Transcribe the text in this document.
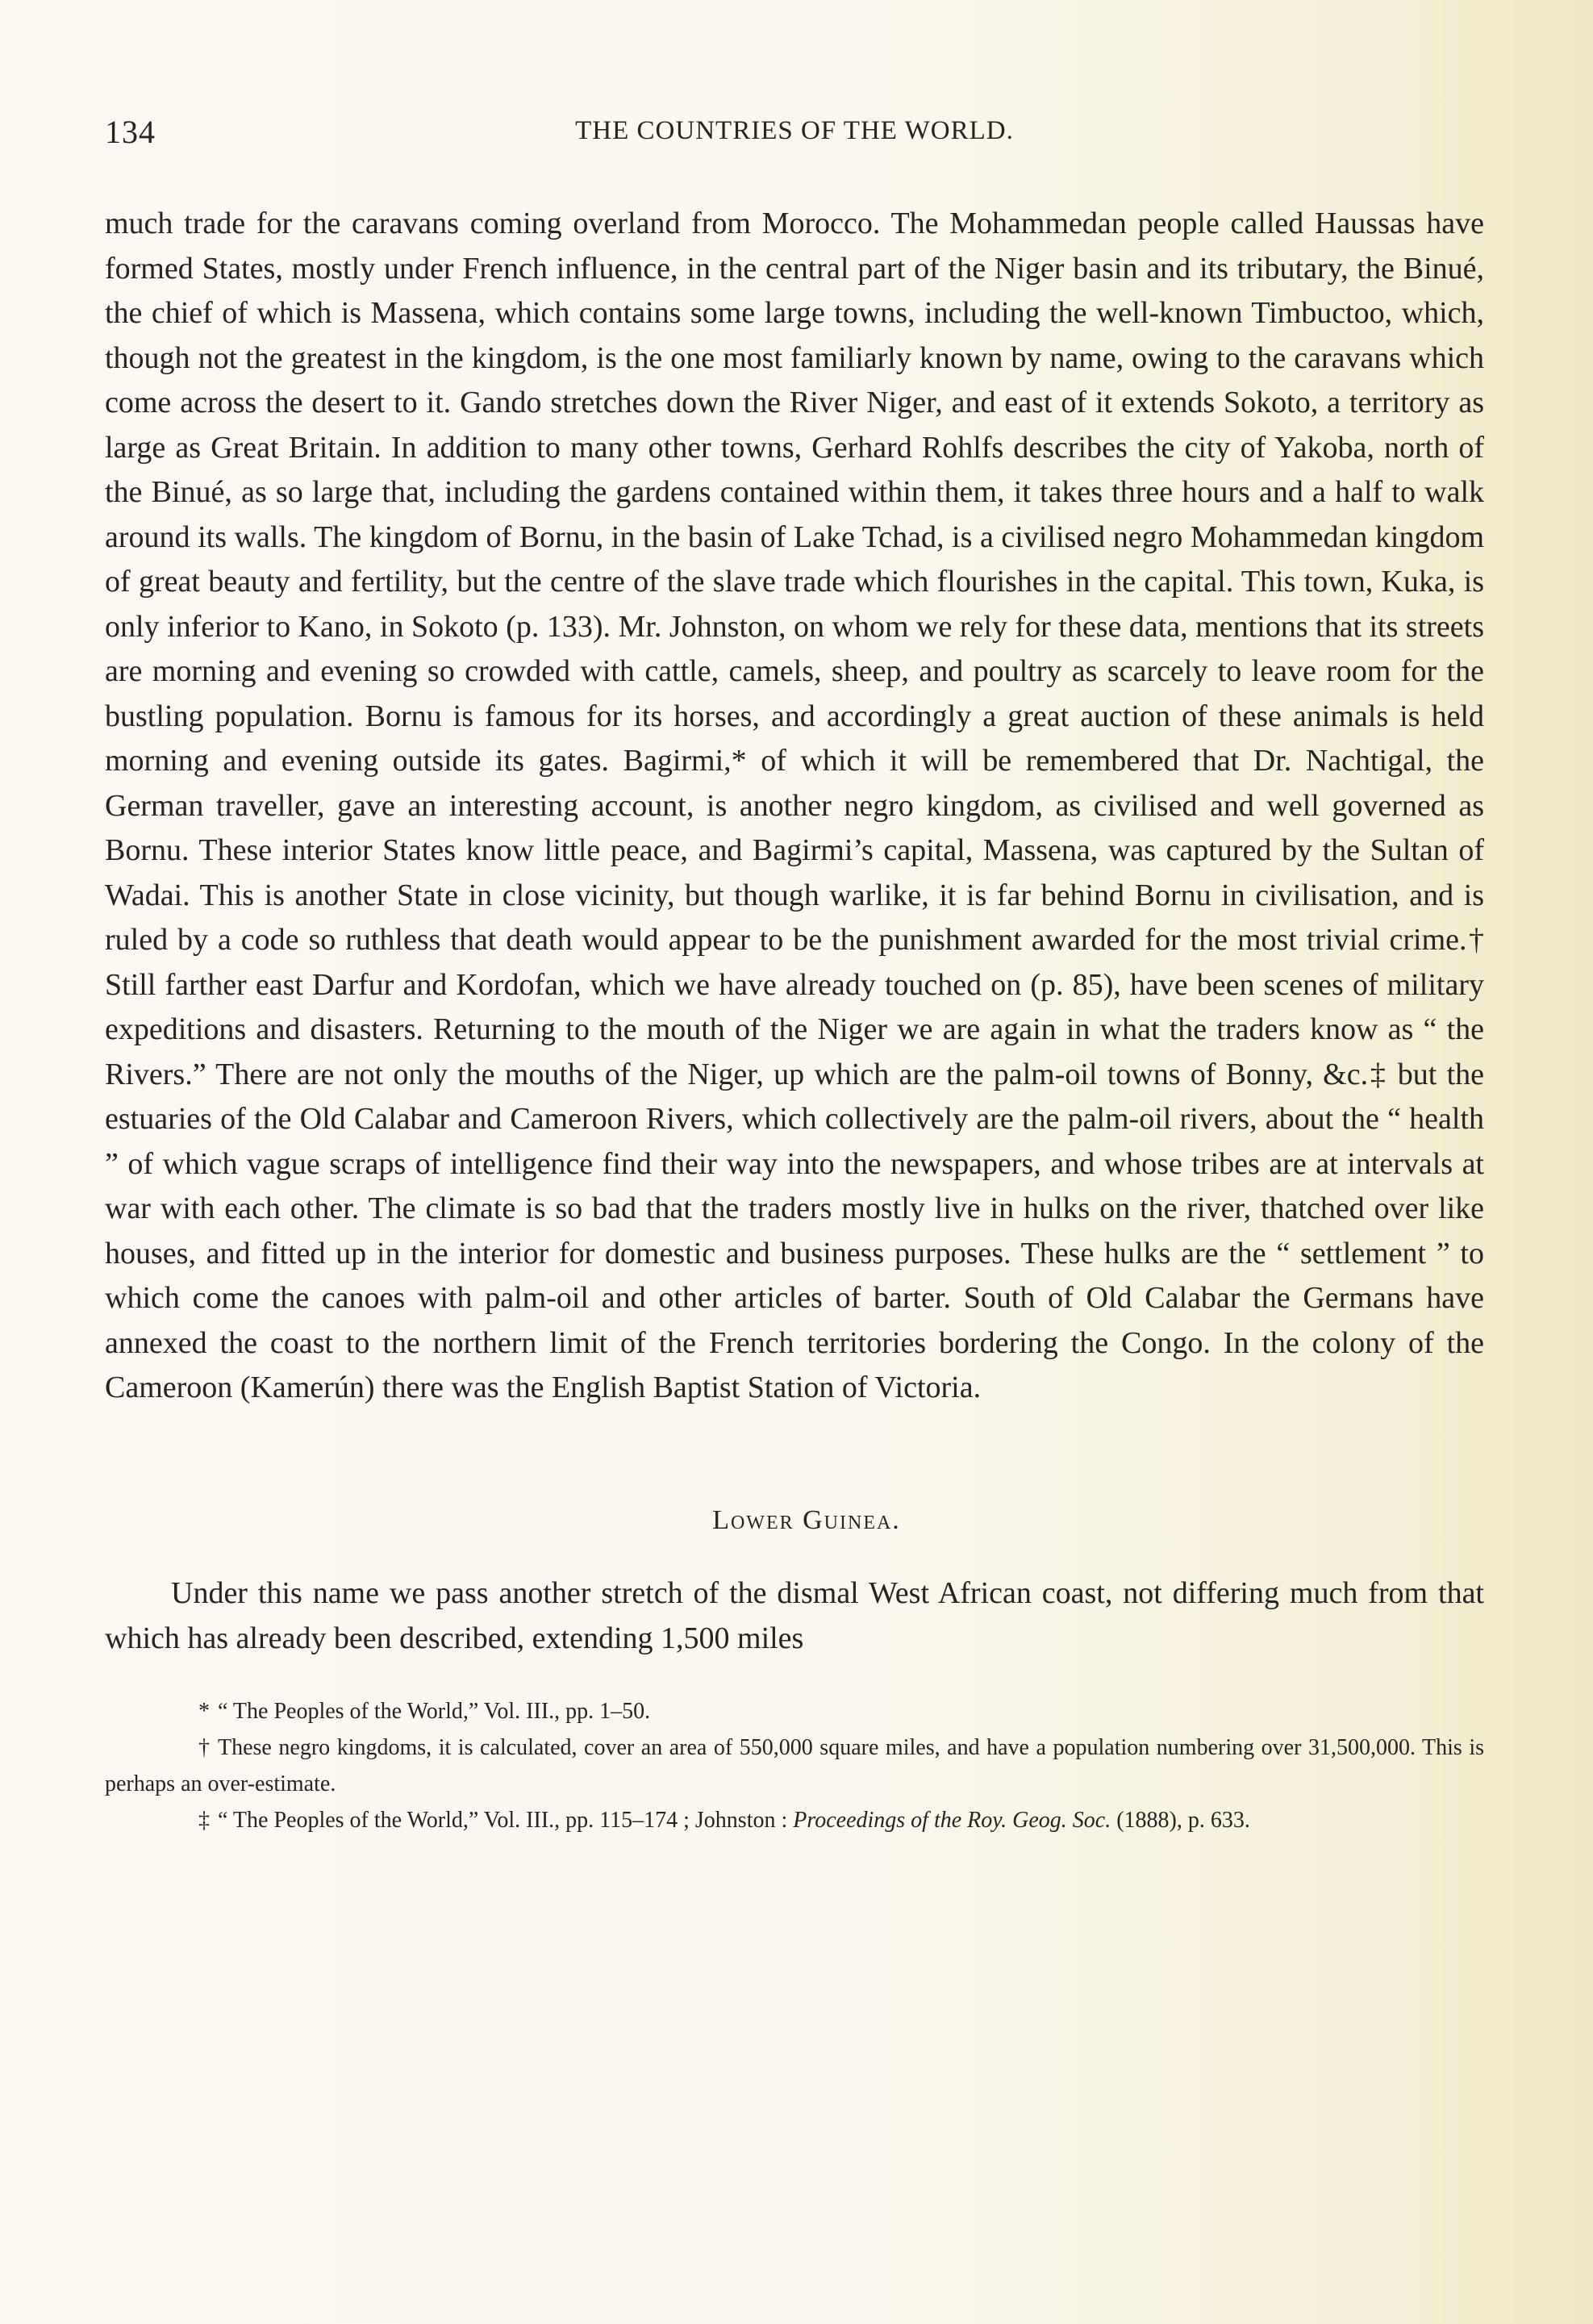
134	THE COUNTRIES OF THE WORLD.

much trade for the caravans coming overland from Morocco. The Mohammedan people called Haussas have formed States, mostly under French influence, in the central part of the Niger basin and its tributary, the Binué, the chief of which is Massena, which contains some large towns, including the well-known Timbuctoo, which, though not the greatest in the kingdom, is the one most familiarly known by name, owing to the caravans which come across the desert to it. Gando stretches down the River Niger, and east of it extends Sokoto, a territory as large as Great Britain. In addition to many other towns, Gerhard Rohlfs describes the city of Yakoba, north of the Binué, as so large that, including the gardens contained within them, it takes three hours and a half to walk around its walls. The kingdom of Bornu, in the basin of Lake Tchad, is a civilised negro Mohammedan kingdom of great beauty and fertility, but the centre of the slave trade which flourishes in the capital. This town, Kuka, is only inferior to Kano, in Sokoto (p. 133). Mr. Johnston, on whom we rely for these data, mentions that its streets are morning and evening so crowded with cattle, camels, sheep, and poultry as scarcely to leave room for the bustling population. Bornu is famous for its horses, and accordingly a great auction of these animals is held morning and evening outside its gates. Bagirmi,* of which it will be remembered that Dr. Nachtigal, the German traveller, gave an interesting account, is another negro kingdom, as civilised and well governed as Bornu. These interior States know little peace, and Bagirmi’s capital, Massena, was captured by the Sultan of Wadai. This is another State in close vicinity, but though warlike, it is far behind Bornu in civilisation, and is ruled by a code so ruthless that death would appear to be the punishment awarded for the most trivial crime.† Still farther east Darfur and Kordofan, which we have already touched on (p. 85), have been scenes of military expeditions and disasters. Returning to the mouth of the Niger we are again in what the traders know as “ the Rivers.” There are not only the mouths of the Niger, up which are the palm-oil towns of Bonny, &c.‡ but the estuaries of the Old Calabar and Cameroon Rivers, which collectively are the palm-oil rivers, about the “ health ” of which vague scraps of intelligence find their way into the newspapers, and whose tribes are at intervals at war with each other. The climate is so bad that the traders mostly live in hulks on the river, thatched over like houses, and fitted up in the interior for domestic and business purposes. These hulks are the “ settlement ” to which come the canoes with palm-oil and other articles of barter. South of Old Calabar the Germans have annexed the coast to the northern limit of the French territories bordering the Congo. In the colony of the Cameroon (Kamerún) there was the English Baptist Station of Victoria.

Lower Guinea.

Under this name we pass another stretch of the dismal West African coast, not differing much from that which has already been described, extending 1,500 miles

* “ The Peoples of the World,” Vol. III., pp. 1–50.

† These negro kingdoms, it is calculated, cover an area of 550,000 square miles, and have a population numbering over 31,500,000. This is perhaps an over-estimate.

‡ “ The Peoples of the World,” Vol. III., pp. 115–174 ; Johnston : Proceedings of the Roy. Geog. Soc. (1888), p. 633.
